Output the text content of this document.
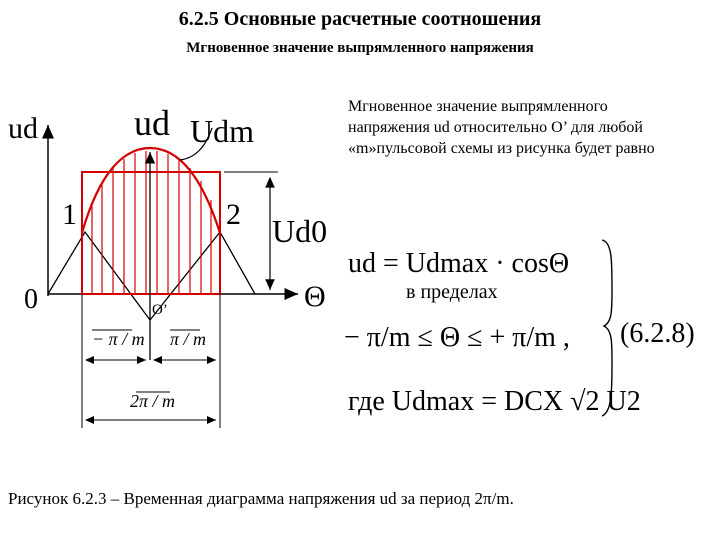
6.2.5 Основные расчетные соотношения
Мгновенное значение выпрямленного напряжения
Мгновенное значение выпрямленного напряжения ud относительно О’ для любой «m»пульсовой схемы из рисунка будет равно
ud	ud Udm
Ud0
Θ
0	O’
1	2
− π / m π / m
2π / m
ud = Udmax · cosΘ
в пределах
− π/m ≤ Θ ≤ + π/m , (6.2.8)
где Udmax = DCX √2 U2
Рисунок 6.2.3 – Временная диаграмма напряжения ud за период 2π/m.
